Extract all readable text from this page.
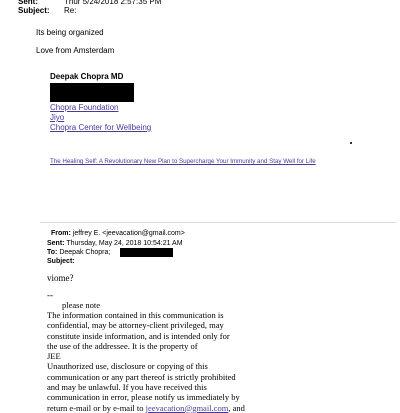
Sent:	Thur 5/24/2018 2:57:35 PM
Subject: Re:
Its being organized
Love from Amsterdam
Deepak Chopra MD
Chopra Foundation
Jiyo
Chopra Center for Wellbeing
The Healing Self: A Revolutionary New Plan to Supercharge Your Immunity and Stay Well for Life
From: jeffrey E. <jeevacation@gmail.com>
Sent: Thursday, May 24, 2018 10:54:21 AM
To: Deepak Chopra;
Subject:
viome?
--
please note
The information contained in this communication is
confidential, may be attorney-client privileged, may
constitute inside information, and is intended only for
the use of the addressee. It is the property of
JEE
Unauthorized use, disclosure or copying of this
communication or any part thereof is strictly prohibited
and may be unlawful. If you have received this
communication in error, please notify us immediately by
return e-mail or by e-mail to jeevacation@gmail.com, and
